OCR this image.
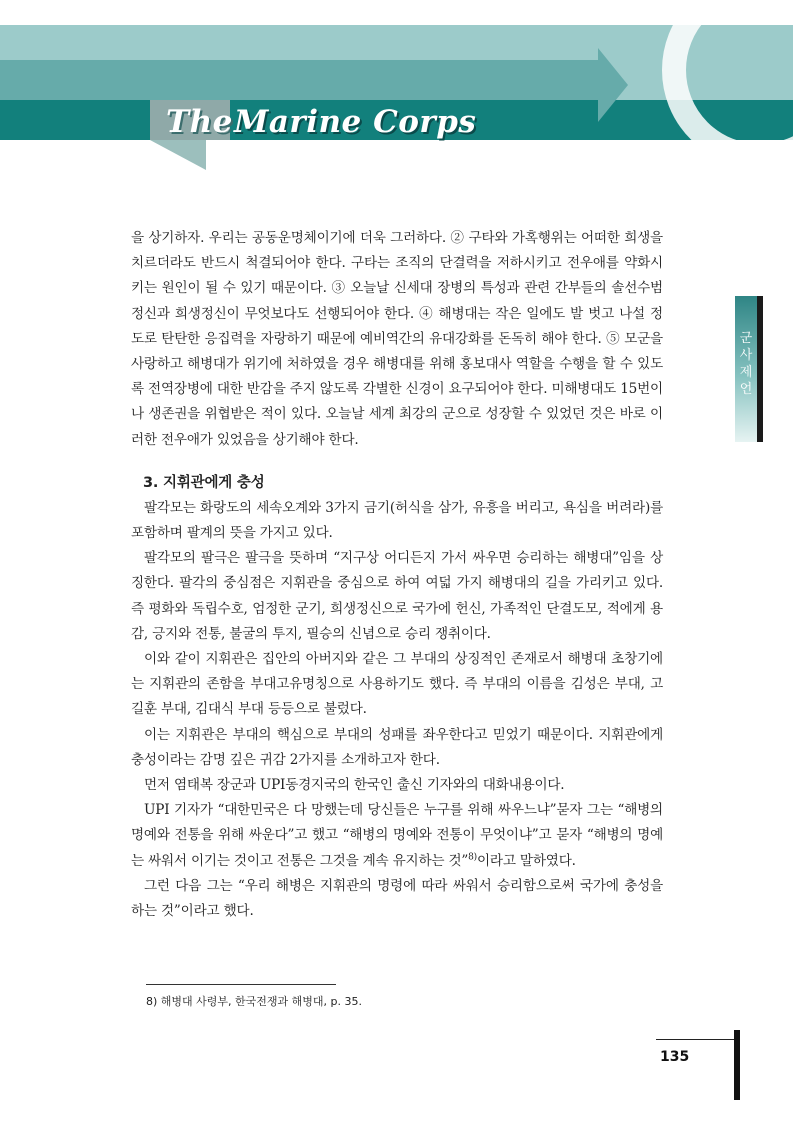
The Marine Corps
군
사
제
언

을 상기하자. 우리는 공동운명체이기에 더욱 그러하다. ② 구타와 가혹행위는 어떠한 희생을 치르더라도 반드시 척결되어야 한다. 구타는 조직의 단결력을 저하시키고 전우애를 약화시키는 원인이 될 수 있기 때문이다. ③ 오늘날 신세대 장병의 특성과 관련 간부들의 솔선수범 정신과 희생정신이 무엇보다도 선행되어야 한다. ④ 해병대는 작은 일에도 발 벗고 나설 정도로 탄탄한 응집력을 자랑하기 때문에 예비역간의 유대강화를 돈독히 해야 한다. ⑤ 모군을 사랑하고 해병대가 위기에 처하였을 경우 해병대를 위해 홍보대사 역할을 수행을 할 수 있도록 전역장병에 대한 반감을 주지 않도록 각별한 신경이 요구되어야 한다. 미해병대도 15번이나 생존권을 위협받은 적이 있다. 오늘날 세계 최강의 군으로 성장할 수 있었던 것은 바로 이러한 전우애가 있었음을 상기해야 한다.

3. 지휘관에게 충성

팔각모는 화랑도의 세속오계와 3가지 금기(허식을 삼가, 유흥을 버리고, 욕심을 버려라)를 포함하며 팔계의 뜻을 가지고 있다.

팔각모의 팔극은 팔극을 뜻하며 “지구상 어디든지 가서 싸우면 승리하는 해병대”임을 상징한다. 팔각의 중심점은 지휘관을 중심으로 하여 여덟 가지 해병대의 길을 가리키고 있다. 즉 평화와 독립수호, 엄정한 군기, 희생정신으로 국가에 헌신, 가족적인 단결도모, 적에게 용감, 긍지와 전통, 불굴의 투지, 필승의 신념으로 승리 쟁취이다.

이와 같이 지휘관은 집안의 아버지와 같은 그 부대의 상징적인 존재로서 해병대 초창기에는 지휘관의 존함을 부대고유명칭으로 사용하기도 했다. 즉 부대의 이름을 김성은 부대, 고길훈 부대, 김대식 부대 등등으로 불렀다.

이는 지휘관은 부대의 핵심으로 부대의 성패를 좌우한다고 믿었기 때문이다. 지휘관에게 충성이라는 감명 깊은 귀감 2가지를 소개하고자 한다.

먼저 염태복 장군과 UPI동경지국의 한국인 출신 기자와의 대화내용이다.

UPI 기자가 “대한민국은 다 망했는데 당신들은 누구를 위해 싸우느냐”묻자 그는 “해병의 명예와 전통을 위해 싸운다”고 했고 “해병의 명예와 전통이 무엇이냐”고 묻자 “해병의 명예는 싸워서 이기는 것이고 전통은 그것을 계속 유지하는 것”$^{8)}$이라고 말하였다.

그런 다음 그는 “우리 해병은 지휘관의 명령에 따라 싸워서 승리함으로써 국가에 충성을 하는 것”이라고 했다.

8) 해병대 사령부, 한국전쟁과 해병대, p. 35.
135
